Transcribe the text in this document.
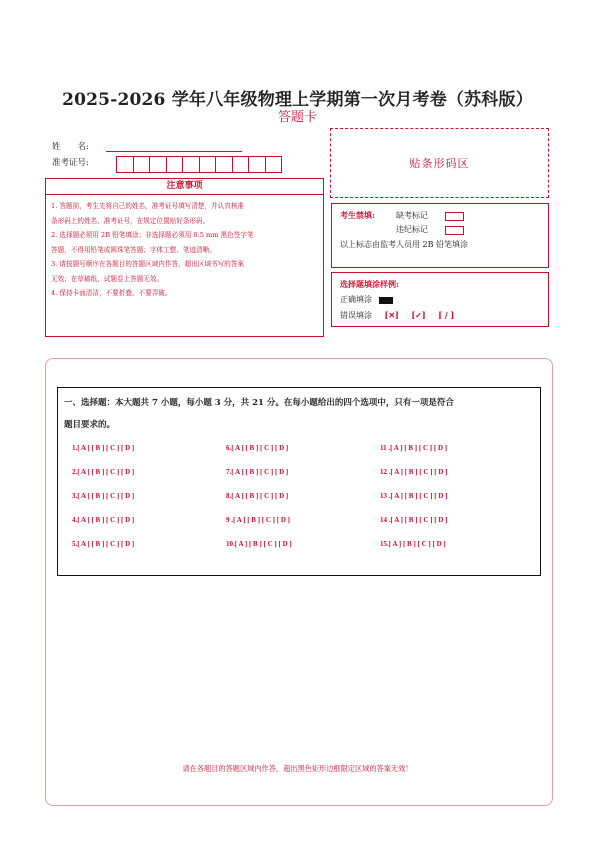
2025-2026 学年八年级物理上学期第一次月考卷（苏科版）
答题卡
姓　　名:
准考证号:	贴条形码区
注意事项
1. 答题前，考生先将自己的姓名，准考证号填写清楚，并认真核准
条形码上的姓名、准考证号，在规定位置贴好条形码。
2. 选择题必须用 2B 铅笔填涂；非选择题必须用 0.5 mm 黑色签字笔
答题，不得用铅笔或圆珠笔答题；字体工整、笔迹清晰。
3. 请按题号顺序在各题目的答题区域内作答，超出区域书写的答案
无效；在草稿纸、试题卷上答题无效。
4. 保持卡面清洁，不要折叠、不要弄破。
考生禁填:	缺考标记
违纪标记
以上标志由监考人员用 2B 铅笔填涂
选择题填涂样例:
正确填涂
错误填涂 [✕] [✓] [ / ]
一、选择题：本大题共 7 小题，每小题 3 分，共 21 分。在每小题给出的四个选项中，只有一项是符合
题目要求的。
1.[ A ] [ B ] [ C ] [ D ]
2.[ A ] [ B ] [ C ] [ D ]
3.[ A ] [ B ] [ C ] [ D ]
4.[ A ] [ B ] [ C ] [ D ]
5.[ A ] [ B ] [ C ] [ D ]
6.[ A ] [ B ] [ C ] [ D ]
7.[ A ] [ B ] [ C ] [ D ]
8.[ A ] [ B ] [ C ] [ D ]
9 .[ A ] [ B ] [ C ] [ D ]
10.[ A ] [ B ] [ C ] [ D ]
11 .[ A ] [ B ] [ C ] [ D ]
12 .[ A ] [ B ] [ C ] [ D ]
13 .[ A ] [ B ] [ C ] [ D ]
14 .[ A ] [ B ] [ C ] [ D ]
15.[ A ] [ B ] [ C ] [ D ]
请在各题目的答题区域内作答，超出黑色矩形边框限定区域的答案无效！
